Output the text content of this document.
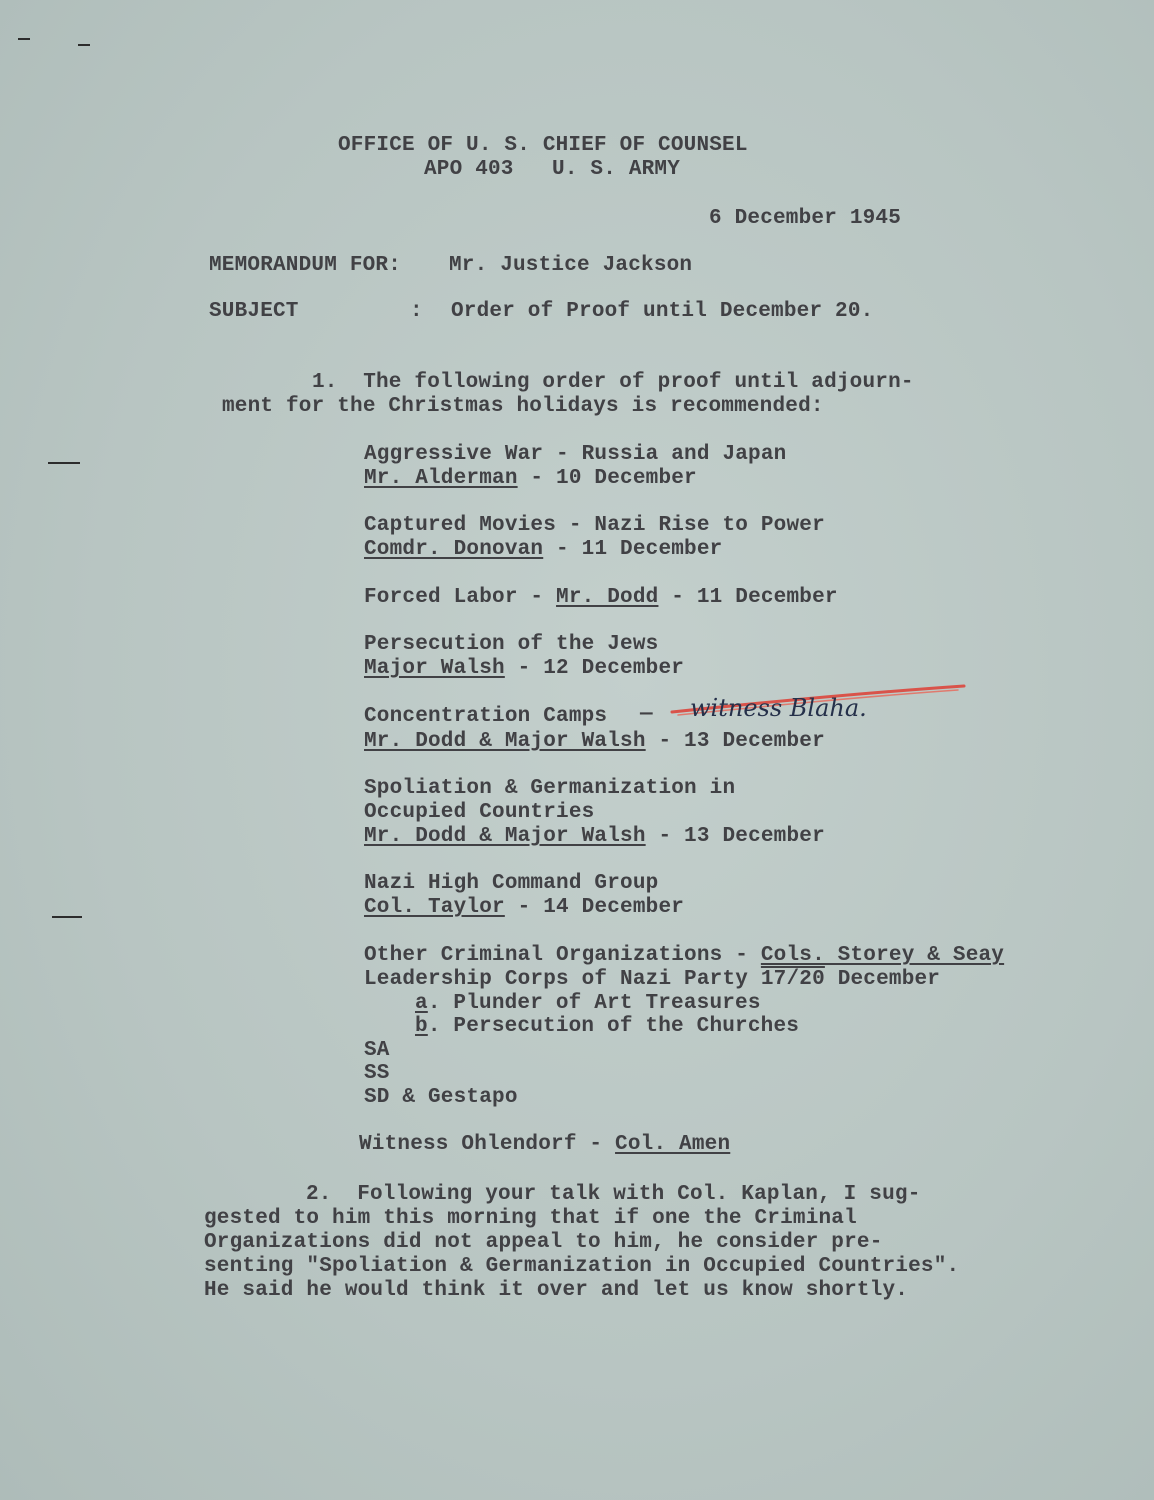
OFFICE OF U. S. CHIEF OF COUNSEL
APO 403   U. S. ARMY
6 December 1945
MEMORANDUM FOR: Mr. Justice Jackson
SUBJECT	: Order of Proof until December 20.
1.  The following order of proof until adjourn-
ment for the Christmas holidays is recommended:
Aggressive War - Russia and Japan
Mr. Alderman - 10 December
Captured Movies - Nazi Rise to Power
Comdr. Donovan - 11 December
Forced Labor - Mr. Dodd - 11 December
Persecution of the Jews
Major Walsh - 12 December
Concentration Camps — witness Blaha.
Mr. Dodd & Major Walsh - 13 December
Spoliation & Germanization in
Occupied Countries
Mr. Dodd & Major Walsh - 13 December
Nazi High Command Group
Col. Taylor - 14 December
Other Criminal Organizations - Cols. Storey & Seay
Leadership Corps of Nazi Party 17/20 December
a. Plunder of Art Treasures
b. Persecution of the Churches
SA
SS
SD & Gestapo
Witness Ohlendorf - Col. Amen
2.  Following your talk with Col. Kaplan, I sug-
gested to him this morning that if one the Criminal
Organizations did not appeal to him, he consider pre-
senting "Spoliation & Germanization in Occupied Countries".
He said he would think it over and let us know shortly.
